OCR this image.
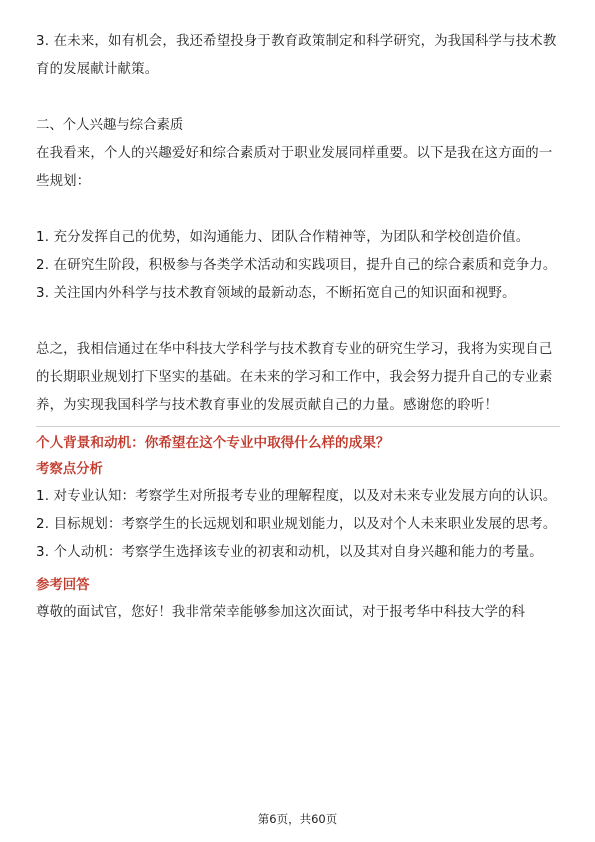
3. 在未来，如有机会，我还希望投身于教育政策制定和科学研究，为我国科学与技术教育的发展献计献策。

二、个人兴趣与综合素质

在我看来，个人的兴趣爱好和综合素质对于职业发展同样重要。以下是我在这方面的一些规划：

1. 充分发挥自己的优势，如沟通能力、团队合作精神等，为团队和学校创造价值。

2. 在研究生阶段，积极参与各类学术活动和实践项目，提升自己的综合素质和竞争力。

3. 关注国内外科学与技术教育领域的最新动态，不断拓宽自己的知识面和视野。

总之，我相信通过在华中科技大学科学与技术教育专业的研究生学习，我将为实现自己的长期职业规划打下坚实的基础。在未来的学习和工作中，我会努力提升自己的专业素养，为实现我国科学与技术教育事业的发展贡献自己的力量。感谢您的聆听！

个人背景和动机：你希望在这个专业中取得什么样的成果？

考察点分析

1. 对专业认知：考察学生对所报考专业的理解程度，以及对未来专业发展方向的认识。

2. 目标规划：考察学生的长远规划和职业规划能力，以及对个人未来职业发展的思考。

3. 个人动机：考察学生选择该专业的初衷和动机，以及其对自身兴趣和能力的考量。

参考回答

尊敬的面试官，您好！我非常荣幸能够参加这次面试，对于报考华中科技大学的科

第6页，共60页
